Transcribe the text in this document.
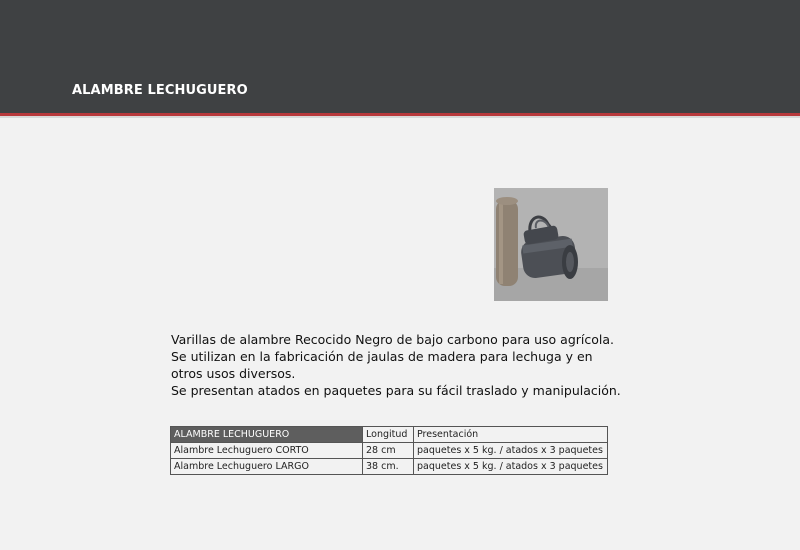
ALAMBRE LECHUGUERO

Varillas de alambre Recocido Negro de bajo carbono para uso agrícola.

Se utilizan en la fabricación de jaulas de madera para lechuga y en otros usos diversos.

Se presentan atados en paquetes para su fácil traslado y manipulación.

ALAMBRE LECHUGUERO	Longitud	Presentación
Alambre Lechuguero CORTO	28 cm	paquetes x 5 kg. / atados x 3 paquetes
Alambre Lechuguero LARGO	38 cm.	paquetes x 5 kg. / atados x 3 paquetes
